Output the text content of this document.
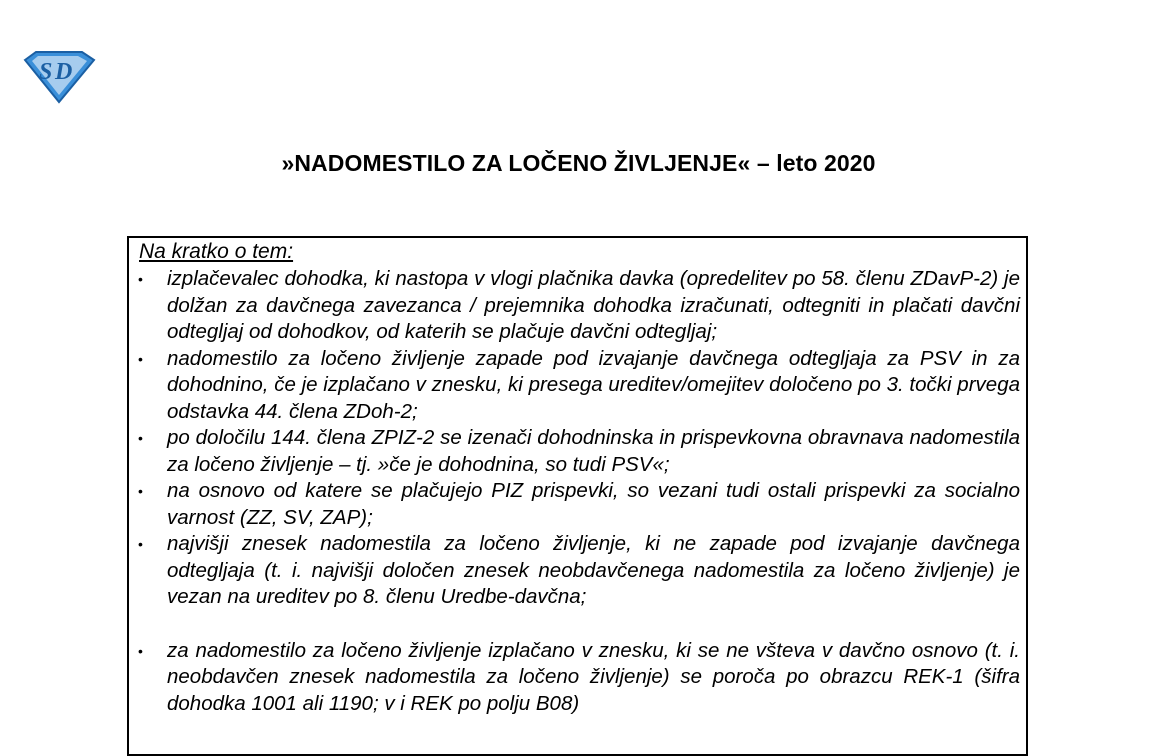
S D
»NADOMESTILO ZA LOČENO ŽIVLJENJE« – leto 2020
Na kratko o tem:
• izplačevalec dohodka, ki nastopa v vlogi plačnika davka (opredelitev po 58. členu ZDavP-2) je dolžan za davčnega zavezanca / prejemnika dohodka izračunati, odtegniti in plačati davčni odtegljaj od dohodkov, od katerih se plačuje davčni odtegljaj;
• nadomestilo za ločeno življenje zapade pod izvajanje davčnega odtegljaja za PSV in za dohodnino, če je izplačano v znesku, ki presega ureditev/omejitev določeno po 3. točki prvega odstavka 44. člena ZDoh-2;
• po določilu 144. člena ZPIZ-2 se izenači dohodninska in prispevkovna obravnava nadomestila za ločeno življenje – tj. »če je dohodnina, so tudi PSV«;
• na osnovo od katere se plačujejo PIZ prispevki, so vezani tudi ostali prispevki za socialno varnost (ZZ, SV, ZAP);
• najvišji znesek nadomestila za ločeno življenje, ki ne zapade pod izvajanje davčnega odtegljaja (t. i. najvišji določen znesek neobdavčenega nadomestila za ločeno življenje) je vezan na ureditev po 8. členu Uredbe-davčna;
• za nadomestilo za ločeno življenje izplačano v znesku, ki se ne všteva v davčno osnovo (t. i. neobdavčen znesek nadomestila za ločeno življenje) se poroča po obrazcu REK-1 (šifra dohodka 1001 ali 1190; v i REK po polju B08)
